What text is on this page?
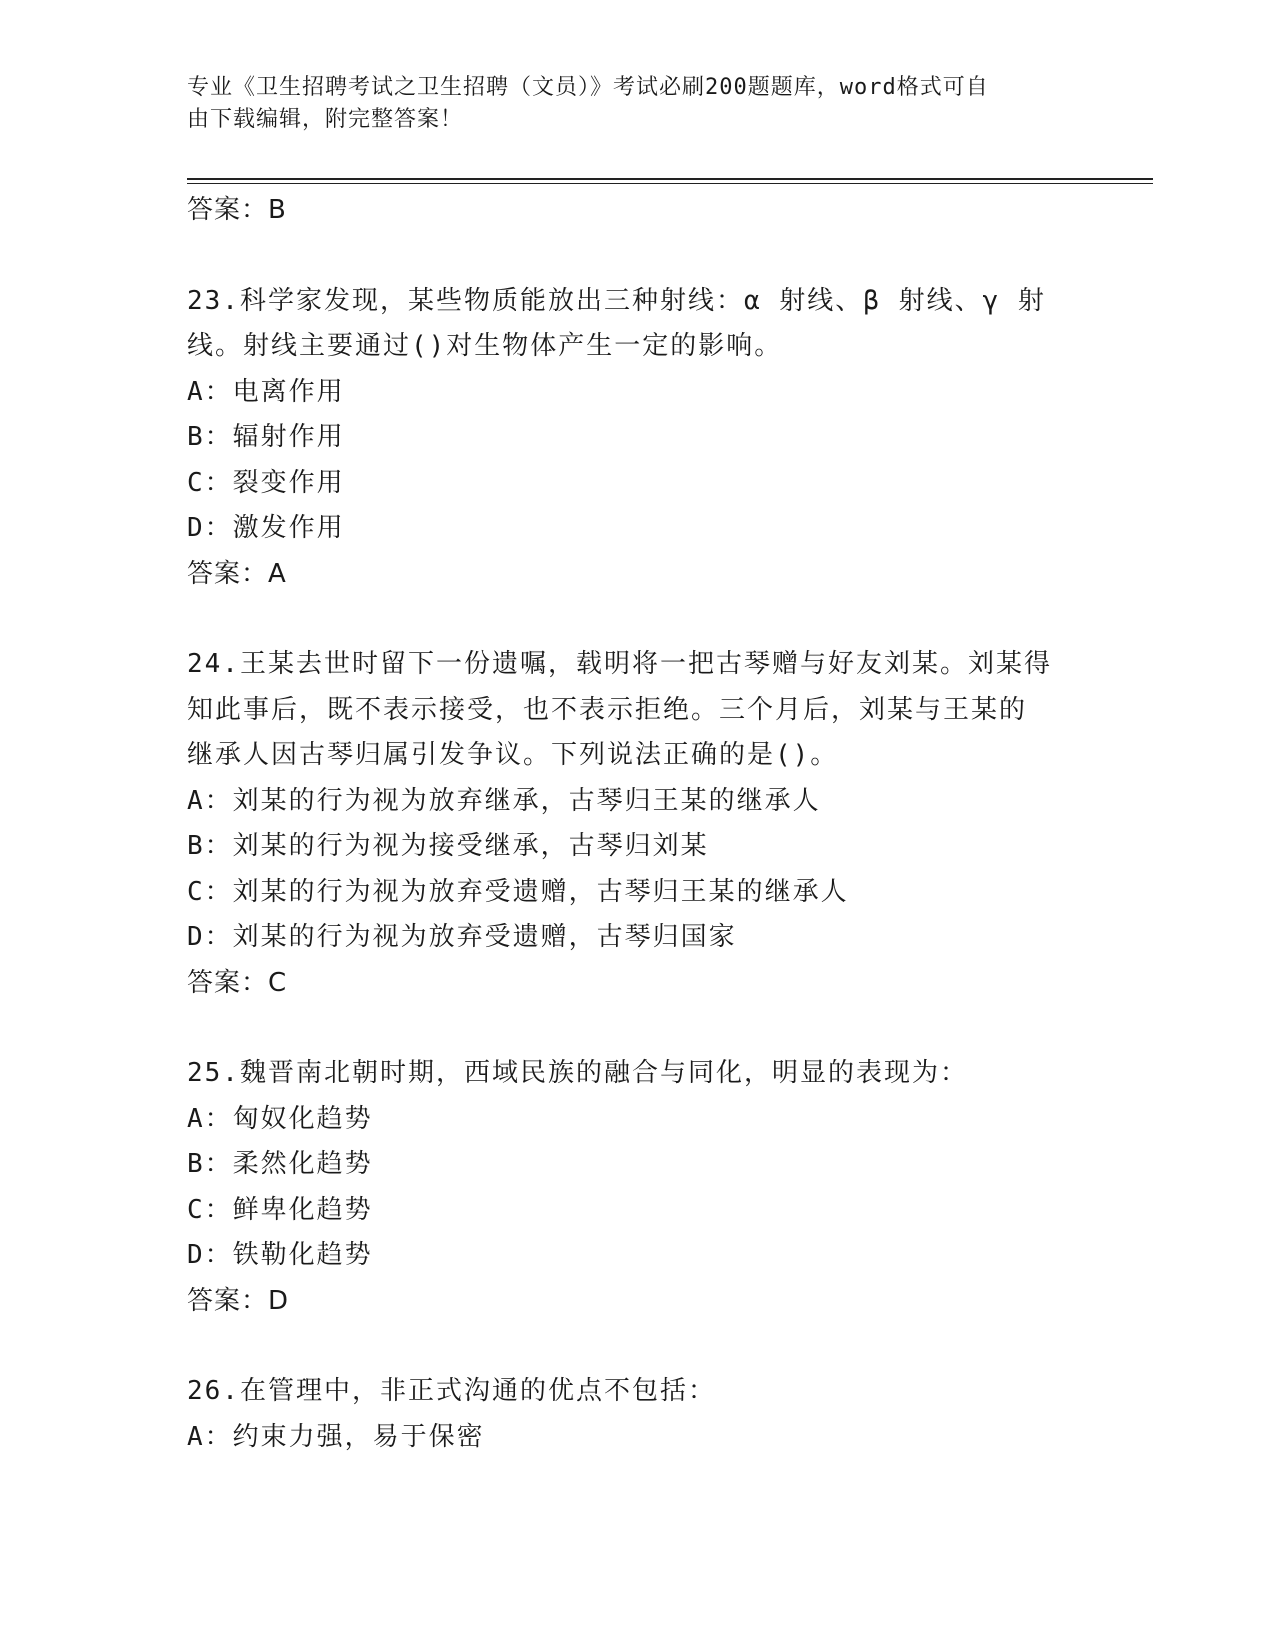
专业《卫生招聘考试之卫生招聘（文员）》考试必刷200题题库，word格式可自
由下载编辑，附完整答案！
答案：B
23.科学家发现，某些物质能放出三种射线：α 射线、β 射线、γ 射
线。射线主要通过()对生物体产生一定的影响。
A：电离作用
B：辐射作用
C：裂变作用
D：激发作用
答案：A
24.王某去世时留下一份遗嘱，载明将一把古琴赠与好友刘某。刘某得
知此事后，既不表示接受，也不表示拒绝。三个月后，刘某与王某的
继承人因古琴归属引发争议。下列说法正确的是()。
A：刘某的行为视为放弃继承，古琴归王某的继承人
B：刘某的行为视为接受继承，古琴归刘某
C：刘某的行为视为放弃受遗赠，古琴归王某的继承人
D：刘某的行为视为放弃受遗赠，古琴归国家
答案：C
25.魏晋南北朝时期，西域民族的融合与同化，明显的表现为：
A：匈奴化趋势
B：柔然化趋势
C：鲜卑化趋势
D：铁勒化趋势
答案：D
26.在管理中，非正式沟通的优点不包括：
A：约束力强，易于保密
